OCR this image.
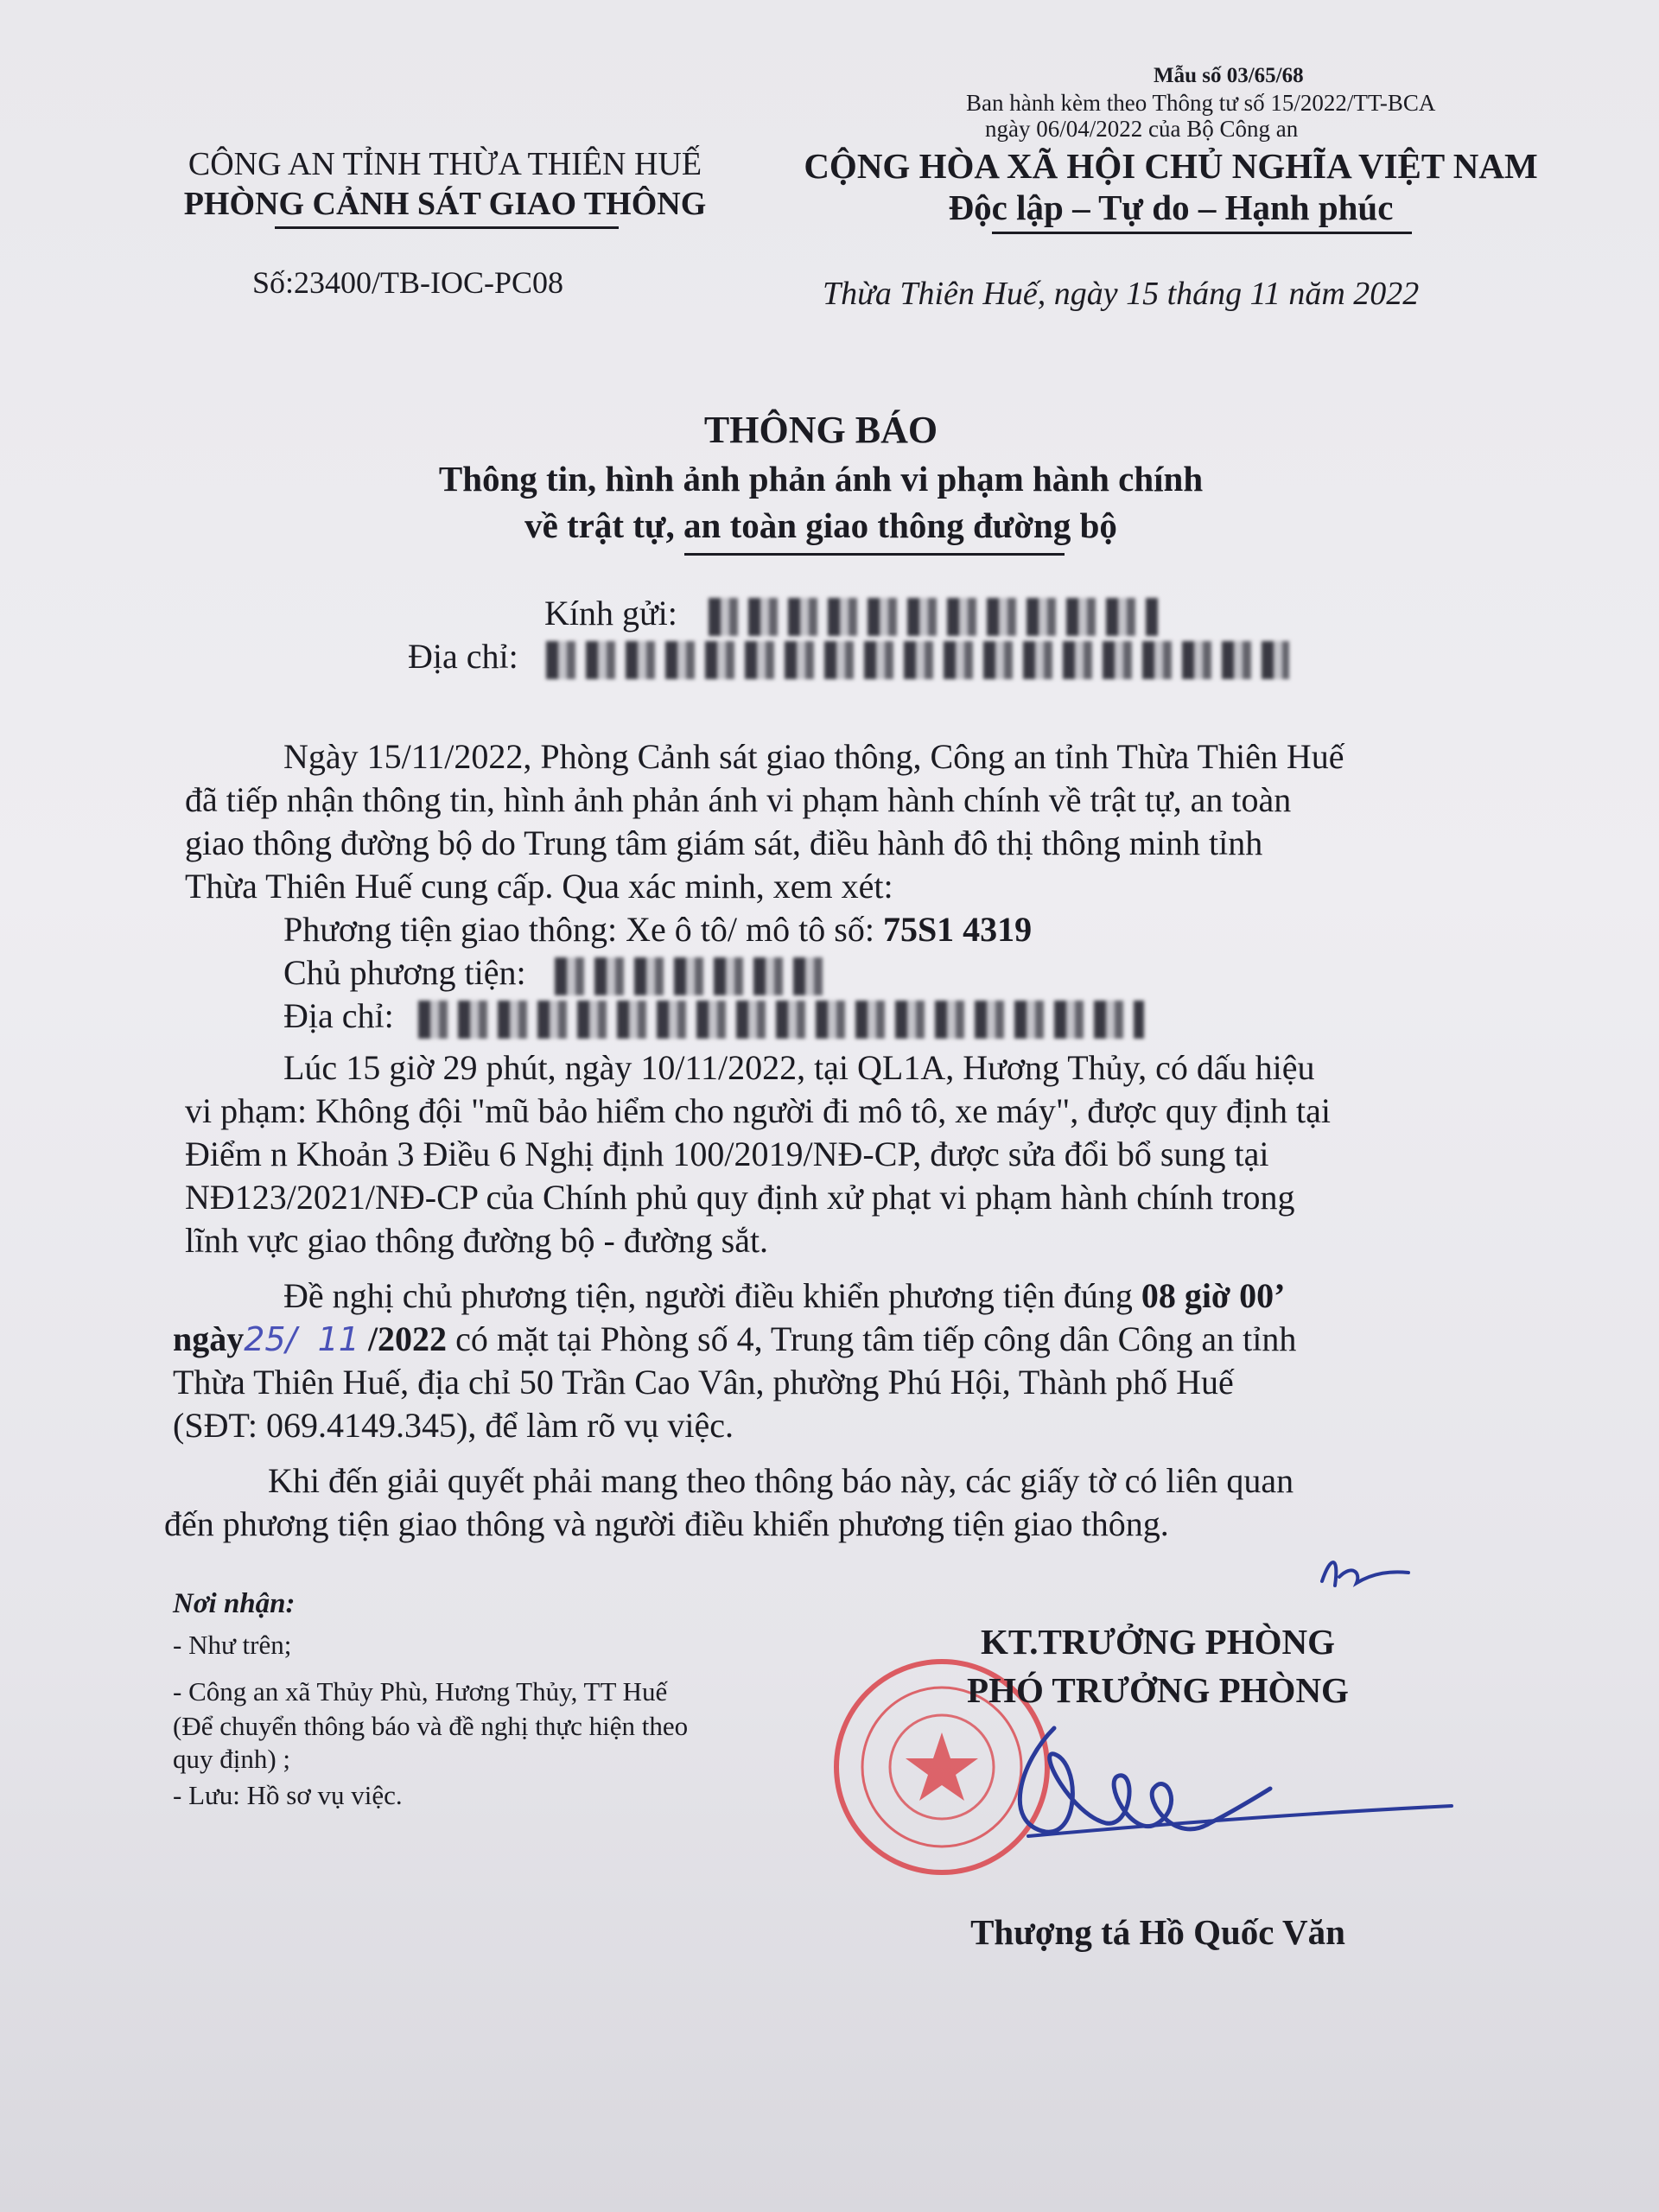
Mẫu số 03/65/68
Ban hành kèm theo Thông tư số 15/2022/TT-BCA
ngày 06/04/2022 của Bộ Công an
CÔNG AN TỈNH THỪA THIÊN HUẾ
PHÒNG CẢNH SÁT GIAO THÔNG
CỘNG HÒA XÃ HỘI CHỦ NGHĨA VIỆT NAM
Độc lập – Tự do – Hạnh phúc
Số:23400/TB-IOC-PC08	Thừa Thiên Huế, ngày 15 tháng 11 năm 2022
THÔNG BÁO
Thông tin, hình ảnh phản ánh vi phạm hành chính
về trật tự, an toàn giao thông đường bộ
Kính gửi:
Địa chỉ:
Ngày 15/11/2022, Phòng Cảnh sát giao thông, Công an tỉnh Thừa Thiên Huế
đã tiếp nhận thông tin, hình ảnh phản ánh vi phạm hành chính về trật tự, an toàn
giao thông đường bộ do Trung tâm giám sát, điều hành đô thị thông minh tỉnh
Thừa Thiên Huế cung cấp. Qua xác minh, xem xét:
Phương tiện giao thông: Xe ô tô/ mô tô số: 75S1 4319
Chủ phương tiện:
Địa chỉ:
Lúc 15 giờ 29 phút, ngày 10/11/2022, tại QL1A, Hương Thủy, có dấu hiệu
vi phạm: Không đội "mũ bảo hiểm cho người đi mô tô, xe máy", được quy định tại
Điểm n Khoản 3 Điều 6 Nghị định 100/2019/NĐ-CP, được sửa đổi bổ sung tại
NĐ123/2021/NĐ-CP của Chính phủ quy định xử phạt vi phạm hành chính trong
lĩnh vực giao thông đường bộ - đường sắt.
Đề nghị chủ phương tiện, người điều khiển phương tiện đúng 08 giờ 00’
ngày25/  11 /2022 có mặt tại Phòng số 4, Trung tâm tiếp công dân Công an tỉnh
Thừa Thiên Huế, địa chỉ 50 Trần Cao Vân, phường Phú Hội, Thành phố Huế
(SĐT: 069.4149.345), để làm rõ vụ việc.
Khi đến giải quyết phải mang theo thông báo này, các giấy tờ có liên quan
đến phương tiện giao thông và người điều khiển phương tiện giao thông.
Nơi nhận:
- Như trên;
- Công an xã Thủy Phù, Hương Thủy, TT Huế
(Để chuyển thông báo và đề nghị thực hiện theo
quy định) ;
- Lưu: Hồ sơ vụ việc.
KT.TRƯỞNG PHÒNG
PHÓ TRƯỞNG PHÒNG
Thượng tá Hồ Quốc Văn
